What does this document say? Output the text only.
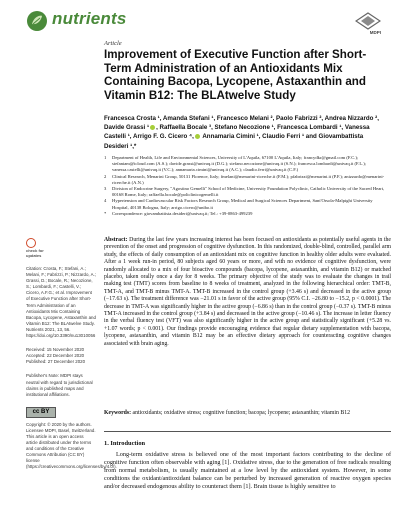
nutrients
MDPI
Article
Improvement of Executive Function after Short-Term Administration of an Antioxidants Mix Containing Bacopa, Lycopene, Astaxanthin and Vitamin B12: The BLAtwelve Study

Francesca Crosta ¹, Amanda Stefani ¹, Francesco Melani ², Paolo Fabrizzi ², Andrea Nizzardo ², Davide Grassi ¹ , Raffaella Bocale ³, Stefano Necozione ¹, Francesca Lombardi ¹, Vanessa Castelli ¹, Arrigo F. G. Cicero ⁴, Annamaria Cimini ¹, Claudio Ferri ¹ and Giovambattista Desideri ¹,*

1	Department of Health, Life and Environmental Sciences, University of L'Aquila, 67100 L'Aquila, Italy; francydkr@gmail.com (F.C.); stefaniam@icloud.com (A.S.); davide.grassi@univaq.it (D.G.); stefano.necozione@univaq.it (S.N.); francesca.lombardi@univaq.it (F.L.); vanessa.castelli@univaq.it (V.C.); annamaria.cimini@univaq.it (A.C.); claudio.ferri@univaq.it (C.F.)
2	Clinical Research, Menarini Group, 50131 Florence, Italy; fmelani@menarini-ricerche.it (F.M.); pfabrizzi@menarini.it (P.F.); anizzardo@menarini-ricerche.it (A.N.)
3	Division of Endocrine Surgery, "Agostino Gemelli" School of Medicine, University Foundation Polyclinic, Catholic University of the Sacred Heart, 00168 Rome, Italy; raffaella.bocale@policlinicogemelli.it
4	Hypertension and Cardiovascular Risk Factors Research Group, Medical and Surgical Sciences Department, Sant'Orsola-Malpighi University Hospital, 40138 Bologna, Italy; arrigo.cicero@unibo.it
*	Correspondence: giovambattista.desideri@univaq.it; Tel.: +39-0863-499239
check for updates
Citation: Crosta, F.; Stefani, A.; Melani, F.; Fabrizzi, P.; Nizzardo, A.; Grassi, D.; Bocale, R.; Necozione, S.; Lombardi, F.; Castelli, V.; Cicero, A.F.G.; et al. Improvement of Executive Function after Short-Term Administration of an Antioxidants Mix Containing Bacopa, Lycopene, Astaxanthin and Vitamin B12: The BLAtwelve Study. Nutrients 2021, 13, 56. https://doi.org/10.3390/nu13010056
Received: 15 November 2020 Accepted: 22 December 2020 Published: 27 December 2020
Publisher's Note: MDPI stays neutral with regard to jurisdictional claims in published maps and institutional affiliations.
cc BY
Copyright: © 2020 by the authors. Licensee MDPI, Basel, Switzerland. This article is an open access article distributed under the terms and conditions of the Creative Commons Attribution (CC BY) license (https://creativecommons.org/licenses/by/4.0/).

Abstract: During the last few years increasing interest has been focused on antioxidants as potentially useful agents in the prevention of the onset and progression of cognitive dysfunction. In this randomized, double-blind, controlled, parallel arm study, the effects of daily consumption of an antioxidant mix on cognitive function in healthy older adults were evaluated. After a 1 week run-in period, 80 subjects aged 60 years or more, and with no evidence of cognitive dysfunction, were randomly allocated to a mix of four bioactive compounds (bacopa, lycopene, astaxanthin, and vitamin B12) or matched placebo, taken orally once a day for 8 weeks. The primary objective of the study was to evaluate the changes in trail making test (TMT) scores from baseline to 8 weeks of treatment, analyzed in the following hierarchical order: TMT-B, TMT-A, and TMT-B minus TMT-A. TMT-B increased in the control group (+3.46 s) and decreased in the active group (−17.63 s). The treatment difference was −21.01 s in favor of the active group (95% C.I. −26.80 to −15.2, p < 0.0001). The decrease in TMT-A was significantly higher in the active group (−6.86 s) than in the control group (−0.37 s). TMT-B minus TMT-A increased in the control group (+3.84 s) and decreased in the active group (−10.46 s). The increase in letter fluency in the verbal fluency test (VFT) was also significantly higher in the active group and statistically significant (+5.28 vs. +1.07 words; p < 0.001). Our findings provide encouraging evidence that regular dietary supplementation with bacopa, lycopene, astaxanthin, and vitamin B12 may be an effective dietary approach for counteracting cognitive changes associated with brain aging.

Keywords: antioxidants; oxidative stress; cognitive function; bacopa; lycopene; astaxanthin; vitamin B12

1. Introduction

Long-term oxidative stress is believed one of the most important factors contributing to the decline of cognitive function often observable with aging [1]. Oxidative stress, due to the generation of free radicals resulting from normal metabolism, is usually maintained at a low level by the antioxidant system. However, in some conditions the oxidant/antioxidant balance can be perturbed by increased generation of reactive oxygen species and/or decreased endogenous ability to counteract them [1]. Brain tissue is highly sensitive to
